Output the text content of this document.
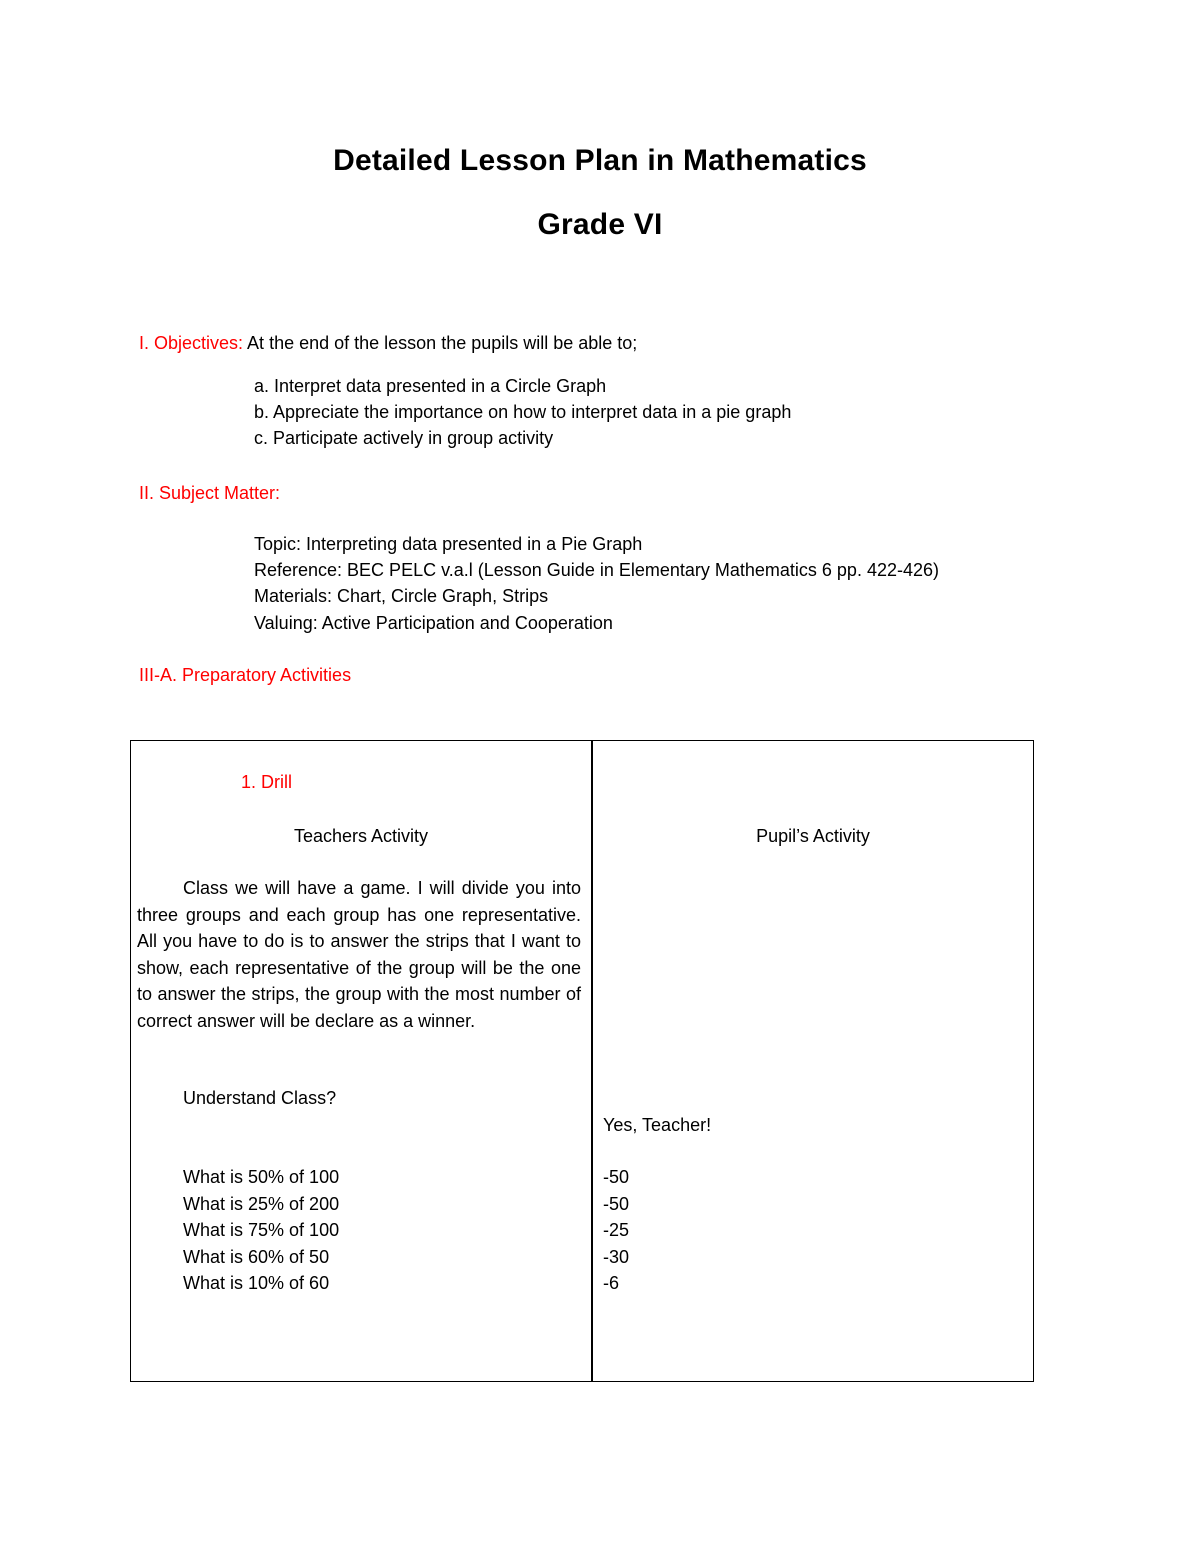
Detailed Lesson Plan in Mathematics
Grade VI
I. Objectives: At the end of the lesson the pupils will be able to;
a. Interpret data presented in a Circle Graph
b. Appreciate the importance on how to interpret data in a pie graph
c. Participate actively in group activity
II. Subject Matter:
Topic: Interpreting data presented in a Pie Graph
Reference: BEC PELC v.a.l (Lesson Guide in Elementary Mathematics 6 pp. 422-426)
Materials: Chart, Circle Graph, Strips
Valuing: Active Participation and Cooperation
III-A. Preparatory Activities
1. Drill
Teachers Activity	Pupil’s Activity
Class we will have a game. I will divide you into three groups and each group has one representative. All you have to do is to answer the strips that I want to show, each representative of the group will be the one to answer the strips, the group with the most number of correct answer will be declare as a winner.
Understand Class?
Yes, Teacher!
What is 50% of 100
What is 25% of 200
What is 75% of 100
What is 60% of 50
What is 10% of 60
-50
-50
-25
-30
-6
